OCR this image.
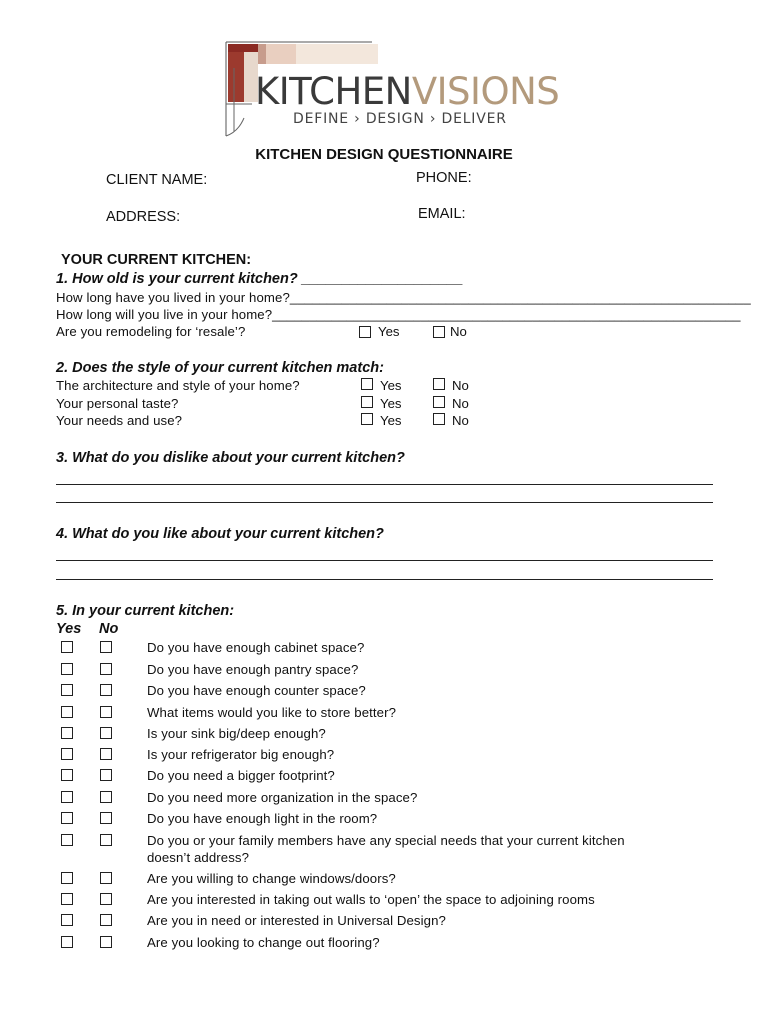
KITCHENVISIONS
DEFINE › DESIGN › DELIVER
KITCHEN DESIGN QUESTIONNAIRE
CLIENT NAME:	PHONE:
ADDRESS:	EMAIL:
YOUR CURRENT KITCHEN:
1. How old is your current kitchen? ____________________
How long have you lived in your home?______________________________________________________________
How long will you live in your home?_______________________________________________________________
Are you remodeling for ‘resale’?	Yes	No
2. Does the style of your current kitchen match:
The architecture and style of your home?	Yes	No
Your personal taste?	Yes	No
Your needs and use?	Yes	No
3. What do you dislike about your current kitchen?
4. What do you like about your current kitchen?
5. In your current kitchen:
Yes No
Do you have enough cabinet space?
Do you have enough pantry space?
Do you have enough counter space?
What items would you like to store better?
Is your sink big/deep enough?
Is your refrigerator big enough?
Do you need a bigger footprint?
Do you need more organization in the space?
Do you have enough light in the room?
Do you or your family members have any special needs that your current kitchen
doesn’t address?
Are you willing to change windows/doors?
Are you interested in taking out walls to ‘open’ the space to adjoining rooms
Are you in need or interested in Universal Design?
Are you looking to change out flooring?
